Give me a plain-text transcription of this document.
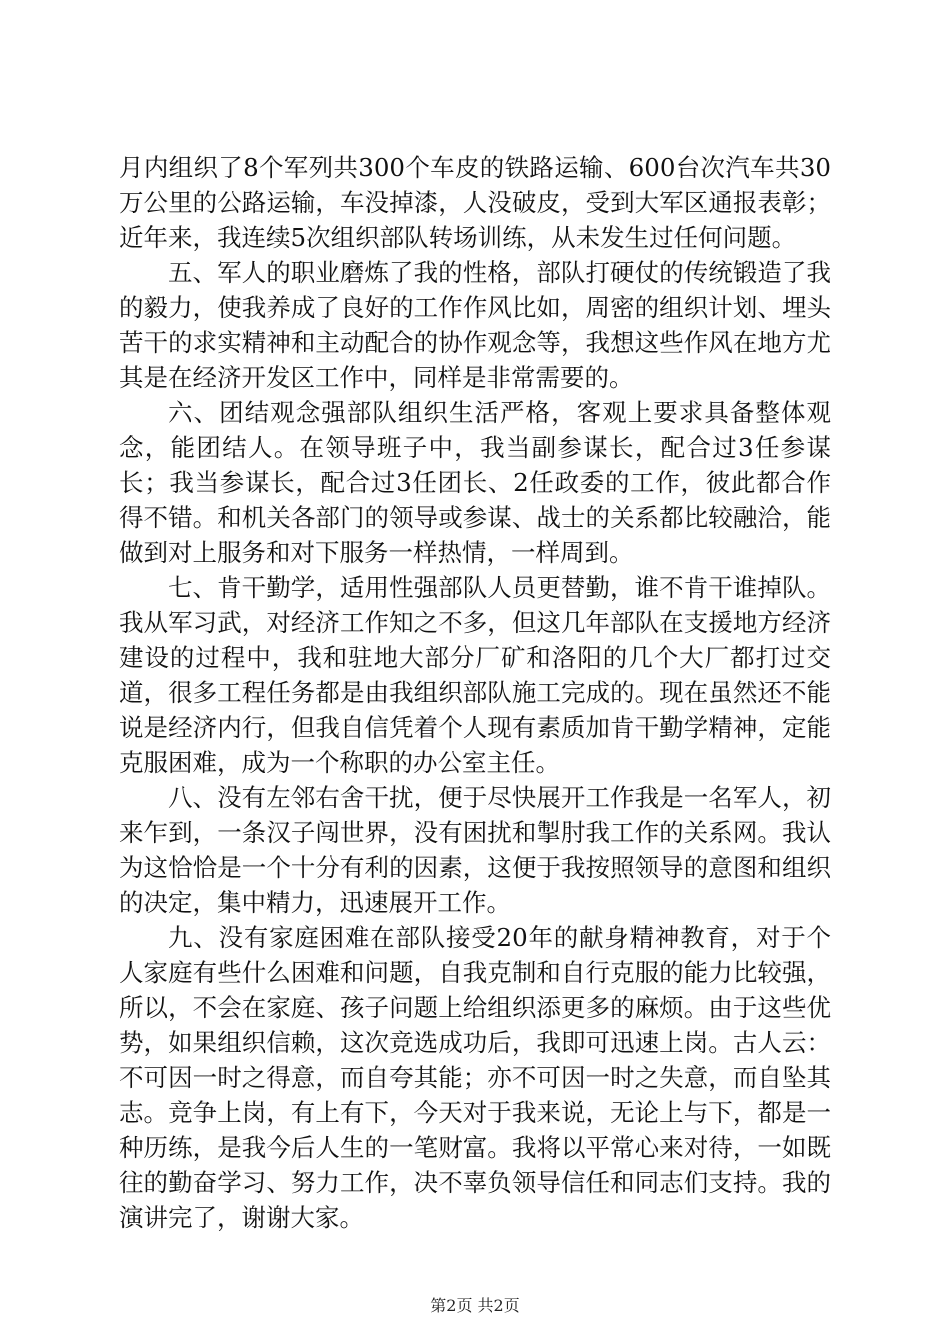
月内组织了8个军列共300个车皮的铁路运输、600台次汽车共30万公里的公路运输，车没掉漆，人没破皮，受到大军区通报表彰；近年来，我连续5次组织部队转场训练，从未发生过任何问题。

五、军人的职业磨炼了我的性格，部队打硬仗的传统锻造了我的毅力，使我养成了良好的工作作风比如，周密的组织计划、埋头苦干的求实精神和主动配合的协作观念等，我想这些作风在地方尤其是在经济开发区工作中，同样是非常需要的。

六、团结观念强部队组织生活严格，客观上要求具备整体观念，能团结人。在领导班子中，我当副参谋长，配合过3任参谋长；我当参谋长，配合过3任团长、2任政委的工作，彼此都合作得不错。和机关各部门的领导或参谋、战士的关系都比较融洽，能做到对上服务和对下服务一样热情，一样周到。

七、肯干勤学，适用性强部队人员更替勤，谁不肯干谁掉队。我从军习武，对经济工作知之不多，但这几年部队在支援地方经济建设的过程中，我和驻地大部分厂矿和洛阳的几个大厂都打过交道，很多工程任务都是由我组织部队施工完成的。现在虽然还不能说是经济内行，但我自信凭着个人现有素质加肯干勤学精神，定能克服困难，成为一个称职的办公室主任。

八、没有左邻右舍干扰，便于尽快展开工作我是一名军人，初来乍到，一条汉子闯世界，没有困扰和掣肘我工作的关系网。我认为这恰恰是一个十分有利的因素，这便于我按照领导的意图和组织的决定，集中精力，迅速展开工作。

九、没有家庭困难在部队接受20年的献身精神教育，对于个人家庭有些什么困难和问题，自我克制和自行克服的能力比较强，所以，不会在家庭、孩子问题上给组织添更多的麻烦。由于这些优势，如果组织信赖，这次竞选成功后，我即可迅速上岗。古人云：不可因一时之得意，而自夸其能；亦不可因一时之失意，而自坠其志。竞争上岗，有上有下，今天对于我来说，无论上与下，都是一种历练，是我今后人生的一笔财富。我将以平常心来对待，一如既往的勤奋学习、努力工作，决不辜负领导信任和同志们支持。我的演讲完了，谢谢大家。

第2页 共2页
